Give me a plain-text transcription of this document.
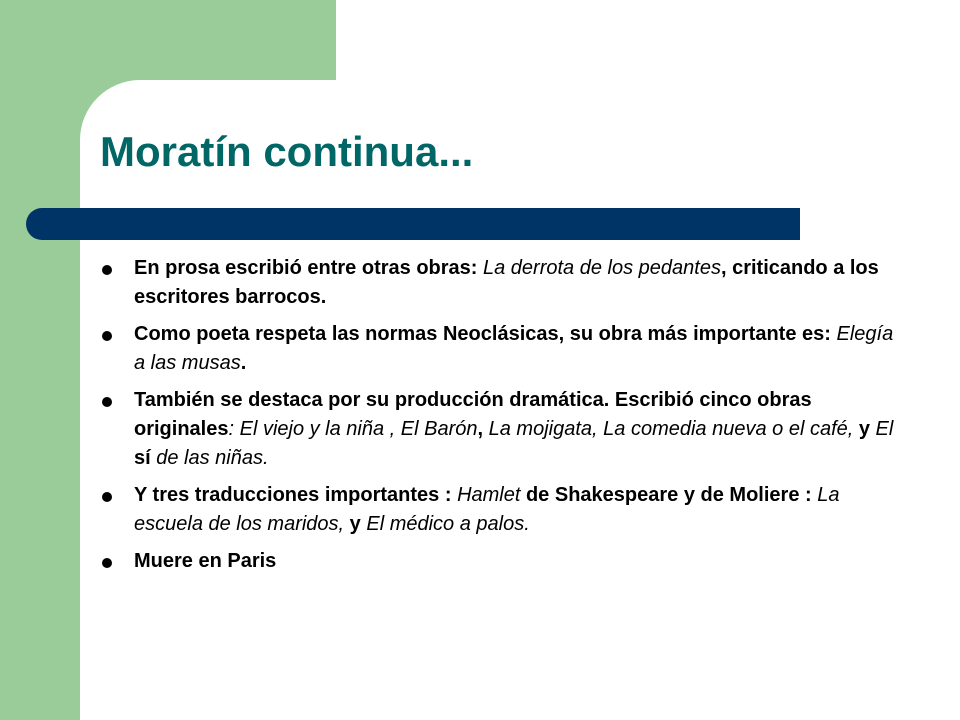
Moratín continua...
En prosa escribió entre otras obras: La derrota de los pedantes, criticando a los escritores barrocos.
Como poeta respeta las normas Neoclásicas, su obra más importante es: Elegía a las musas.
También se destaca por su producción dramática. Escribió cinco obras originales: El viejo y la niña , El Barón, La mojigata, La comedia nueva o el café, y El sí de las niñas.
Y tres traducciones importantes : Hamlet de Shakespeare y de Moliere : La escuela de los maridos, y El médico a palos.
Muere en Paris
